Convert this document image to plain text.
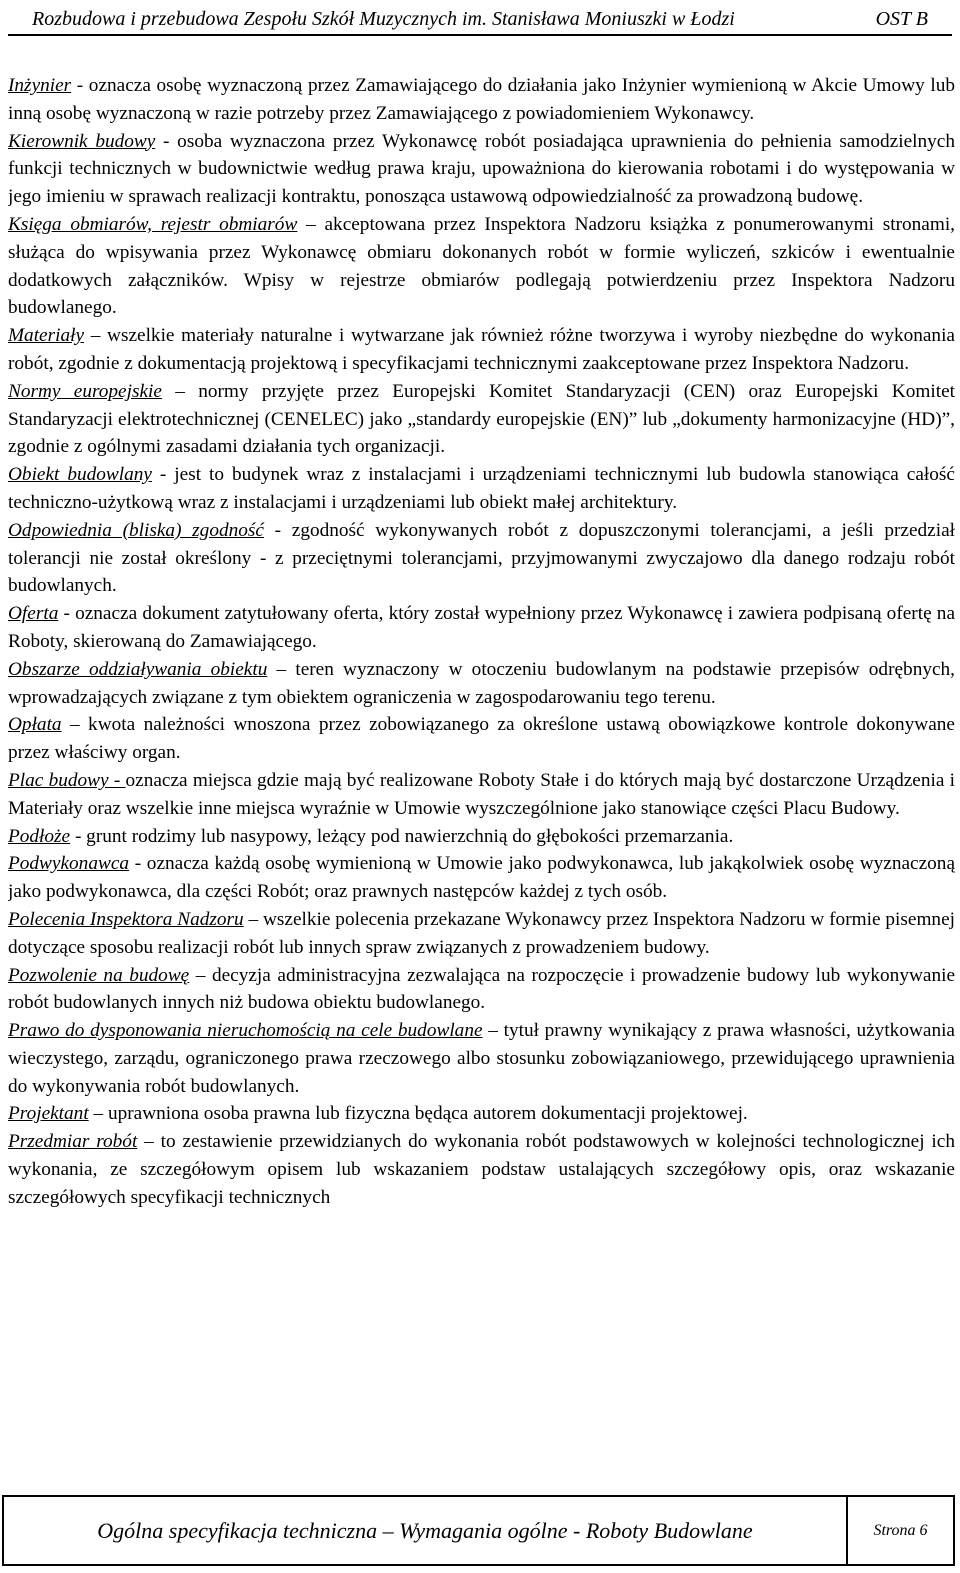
Rozbudowa i przebudowa Zespołu Szkół Muzycznych im. Stanisława Moniuszki w Łodzi	OST B

Inżynier - oznacza osobę wyznaczoną przez Zamawiającego do działania jako Inżynier wymienioną w Akcie Umowy lub inną osobę wyznaczoną w razie potrzeby przez Zamawiającego z powiadomieniem Wykonawcy.

Kierownik budowy - osoba wyznaczona przez Wykonawcę robót posiadająca uprawnienia do pełnienia samodzielnych funkcji technicznych w budownictwie według prawa kraju, upoważniona do kierowania robotami i do występowania w jego imieniu w sprawach realizacji kontraktu, ponosząca ustawową odpowiedzialność za prowadzoną budowę.

Księga obmiarów, rejestr obmiarów – akceptowana przez Inspektora Nadzoru książka z ponumerowanymi stronami, służąca do wpisywania przez Wykonawcę obmiaru dokonanych robót w formie wyliczeń, szkiców i ewentualnie dodatkowych załączników. Wpisy w rejestrze obmiarów podlegają potwierdzeniu przez Inspektora Nadzoru budowlanego.

Materiały – wszelkie materiały naturalne i wytwarzane jak również różne tworzywa i wyroby niezbędne do wykonania robót, zgodnie z dokumentacją projektową i specyfikacjami technicznymi zaakceptowane przez Inspektora Nadzoru.

Normy europejskie – normy przyjęte przez Europejski Komitet Standaryzacji (CEN) oraz Europejski Komitet Standaryzacji elektrotechnicznej (CENELEC) jako „standardy europejskie (EN)” lub „dokumenty harmonizacyjne (HD)”, zgodnie z ogólnymi zasadami działania tych organizacji.

Obiekt budowlany - jest to budynek wraz z instalacjami i urządzeniami technicznymi lub budowla stanowiąca całość techniczno-użytkową wraz z instalacjami i urządzeniami lub obiekt małej architektury.

Odpowiednia (bliska) zgodność - zgodność wykonywanych robót z dopuszczonymi tolerancjami, a jeśli przedział tolerancji nie został określony - z przeciętnymi tolerancjami, przyjmowanymi zwyczajowo dla danego rodzaju robót budowlanych.

Oferta - oznacza dokument zatytułowany oferta, który został wypełniony przez Wykonawcę i zawiera podpisaną ofertę na Roboty, skierowaną do Zamawiającego.

Obszarze oddziaływania obiektu – teren wyznaczony w otoczeniu budowlanym na podstawie przepisów odrębnych, wprowadzających związane z tym obiektem ograniczenia w zagospodarowaniu tego terenu.

Opłata – kwota należności wnoszona przez zobowiązanego za określone ustawą obowiązkowe kontrole dokonywane przez właściwy organ.

Plac budowy - oznacza miejsca gdzie mają być realizowane Roboty Stałe i do których mają być dostarczone Urządzenia i Materiały oraz wszelkie inne miejsca wyraźnie w Umowie wyszczególnione jako stanowiące części Placu Budowy.

Podłoże - grunt rodzimy lub nasypowy, leżący pod nawierzchnią do głębokości przemarzania.

Podwykonawca - oznacza każdą osobę wymienioną w Umowie jako podwykonawca, lub jakąkolwiek osobę wyznaczoną jako podwykonawca, dla części Robót; oraz prawnych następców każdej z tych osób.

Polecenia Inspektora Nadzoru – wszelkie polecenia przekazane Wykonawcy przez Inspektora Nadzoru w formie pisemnej dotyczące sposobu realizacji robót lub innych spraw związanych z prowadzeniem budowy.

Pozwolenie na budowę – decyzja administracyjna zezwalająca na rozpoczęcie i prowadzenie budowy lub wykonywanie robót budowlanych innych niż budowa obiektu budowlanego.

Prawo do dysponowania nieruchomością na cele budowlane – tytuł prawny wynikający z prawa własności, użytkowania wieczystego, zarządu, ograniczonego prawa rzeczowego albo stosunku zobowiązaniowego, przewidującego uprawnienia do wykonywania robót budowlanych.

Projektant – uprawniona osoba prawna lub fizyczna będąca autorem dokumentacji projektowej.

Przedmiar robót – to zestawienie przewidzianych do wykonania robót podstawowych w kolejności technologicznej ich wykonania, ze szczegółowym opisem lub wskazaniem podstaw ustalających szczegółowy opis, oraz wskazanie szczegółowych specyfikacji technicznych

Ogólna specyfikacja techniczna – Wymagania ogólne - Roboty Budowlane	Strona 6
